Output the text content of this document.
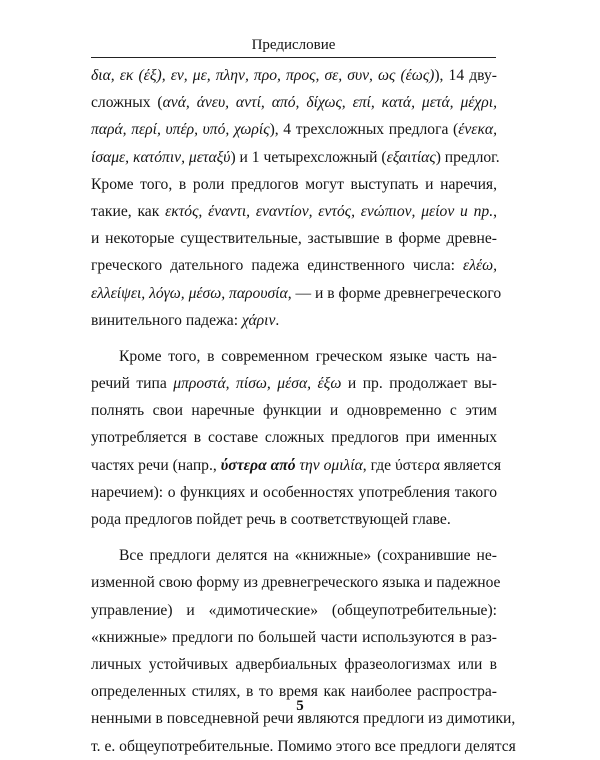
Предисловие
δια, εκ (έξ), εν, με, πλην, προ, προς, σε, συν, ως (έως)), 14 дву-
сложных (ανά, άνευ, αντί, από, δίχως, επί, κατά, μετά, μέχρι,
παρά, περί, υπέρ, υπό, χωρίς), 4 трехсложных предлога (ένεκα,
ίσαμε, κατόπιν, μεταξύ) и 1 четырехсложный (εξαιτίας) предлог.
Кроме того, в роли предлогов могут выступать и наречия,
такие, как εκτός, έναντι, εναντίον, εντός, ενώπιον, μείον и пр.,
и некоторые существительные, застывшие в форме древне-
греческого дательного падежа единственного числа: ελέω,
ελλείψει, λόγω, μέσω, παρουσία, — и в форме древнегреческого
винительного падежа: χάριν.
Кроме того, в современном греческом языке часть на-
речий типа μπροστά, πίσω, μέσα, έξω и пр. продолжает вы-
полнять свои наречные функции и одновременно с этим
употребляется в составе сложных предлогов при именных
частях речи (напр., ύστερα από την ομιλία, где ύστερα является
наречием): о функциях и особенностях употребления такого
рода предлогов пойдет речь в соответствующей главе.
Все предлоги делятся на «книжные» (сохранившие не-
изменной свою форму из древнегреческого языка и падежное
управление) и «димотические» (общеупотребительные):
«книжные» предлоги по большей части используются в раз-
личных устойчивых адвербиальных фразеологизмах или в
определенных стилях, в то время как наиболее распростра-
ненными в повседневной речи являются предлоги из димотики,
т. е. общеупотребительные. Помимо этого все предлоги делятся
5
